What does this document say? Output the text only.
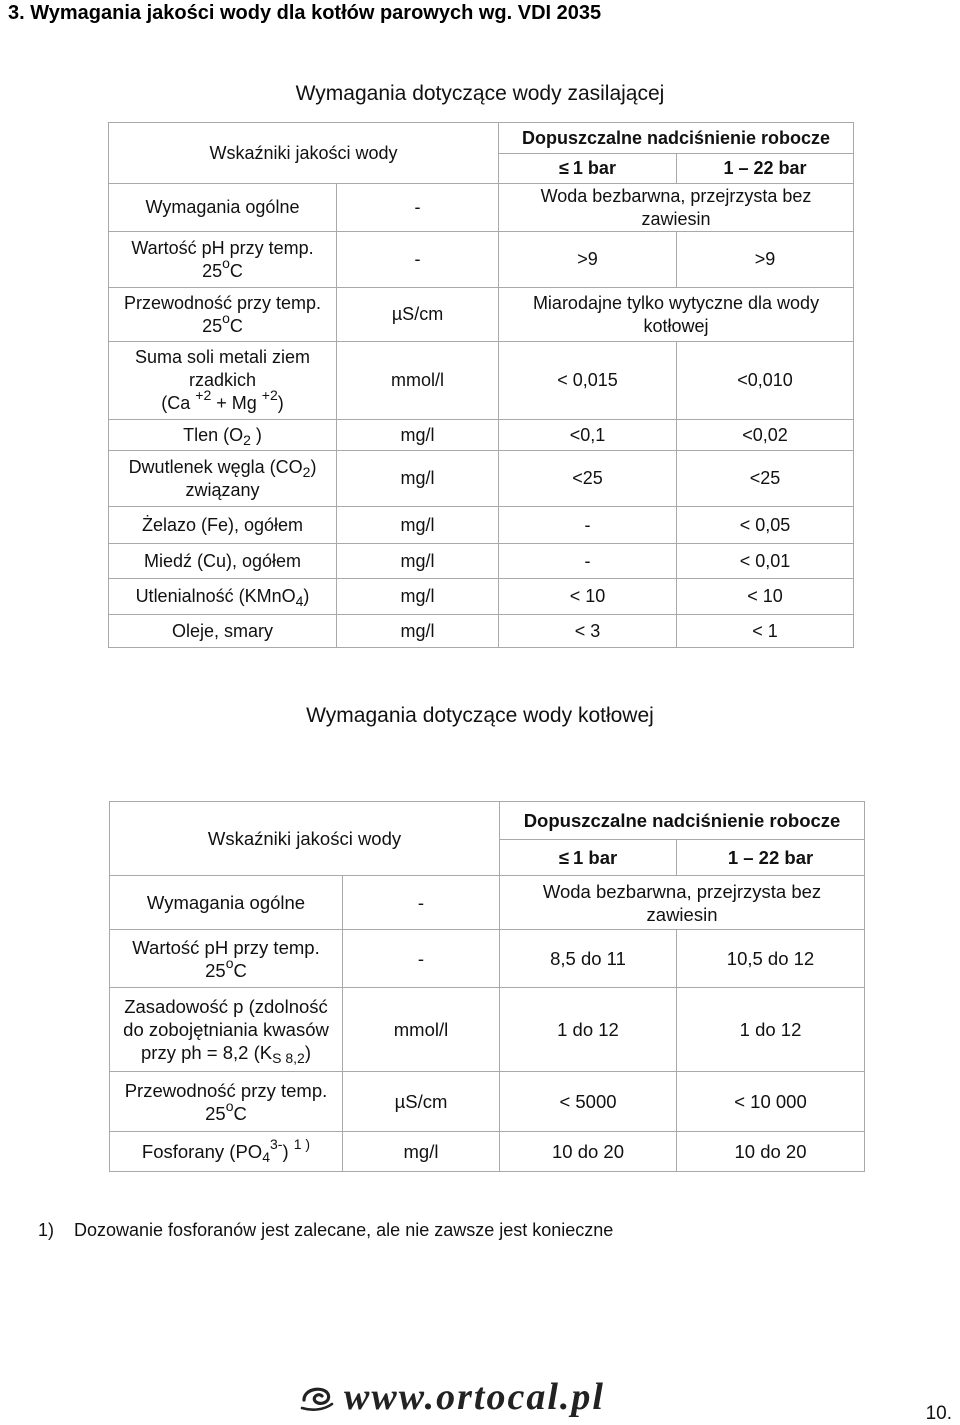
3. Wymagania jakości wody dla kotłów parowych wg. VDI 2035
Wymagania dotyczące wody zasilającej
Wskaźniki jakości wody		Dopuszczalne nadciśnienie robocze	
		≤ 1 bar	1 – 22 bar
Wymagania ogólne	-	Woda bezbarwna, przejrzysta bez zawiesin	
Wartość pH przy temp.
25$^o$C	-	>9	>9
Przewodność przy temp.
25$^o$C	µS/cm	Miarodajne tylko wytyczne dla wody kotłowej	
Suma soli metali ziem
rzadkich
(Ca $^{+2}$ + Mg $^{+2}$)	mmol/l	< 0,015	<0,010
Tlen ($O_2$ )	mg/l	<0,1	<0,02
Dwutlenek węgla $(CO_2)$
związany	mg/l	<25	<25
Żelazo (Fe), ogółem	mg/l	-	< 0,05
Miedź (Cu), ogółem	mg/l	-	< 0,01
Utlenialność (KMnO$_4$)	mg/l	< 10	< 10
Oleje, smary	mg/l	< 3	< 1
Wymagania dotyczące wody kotłowej
Wskaźniki jakości wody		Dopuszczalne nadciśnienie robocze	
		≤ 1 bar	1 – 22 bar
Wymagania ogólne	-	Woda bezbarwna, przejrzysta bez zawiesin	
Wartość pH przy temp.
25$^o$C	-	8,5 do 11	10,5 do 12
Zasadowość p (zdolność
do zobojętniania kwasów
przy ph = 8,2 $(K_{S 8,2})$	mmol/l	1 do 12	1 do 12
Przewodność przy temp.
25$^o$C	µS/cm	< 5000	< 10 000
Fosforany $(PO_4^{3-})$ $^{1 )}$	mg/l	10 do 20	10 do 20
1) Dozowanie fosforanów jest zalecane, ale nie zawsze jest konieczne
www.ortocal.pl	10.
